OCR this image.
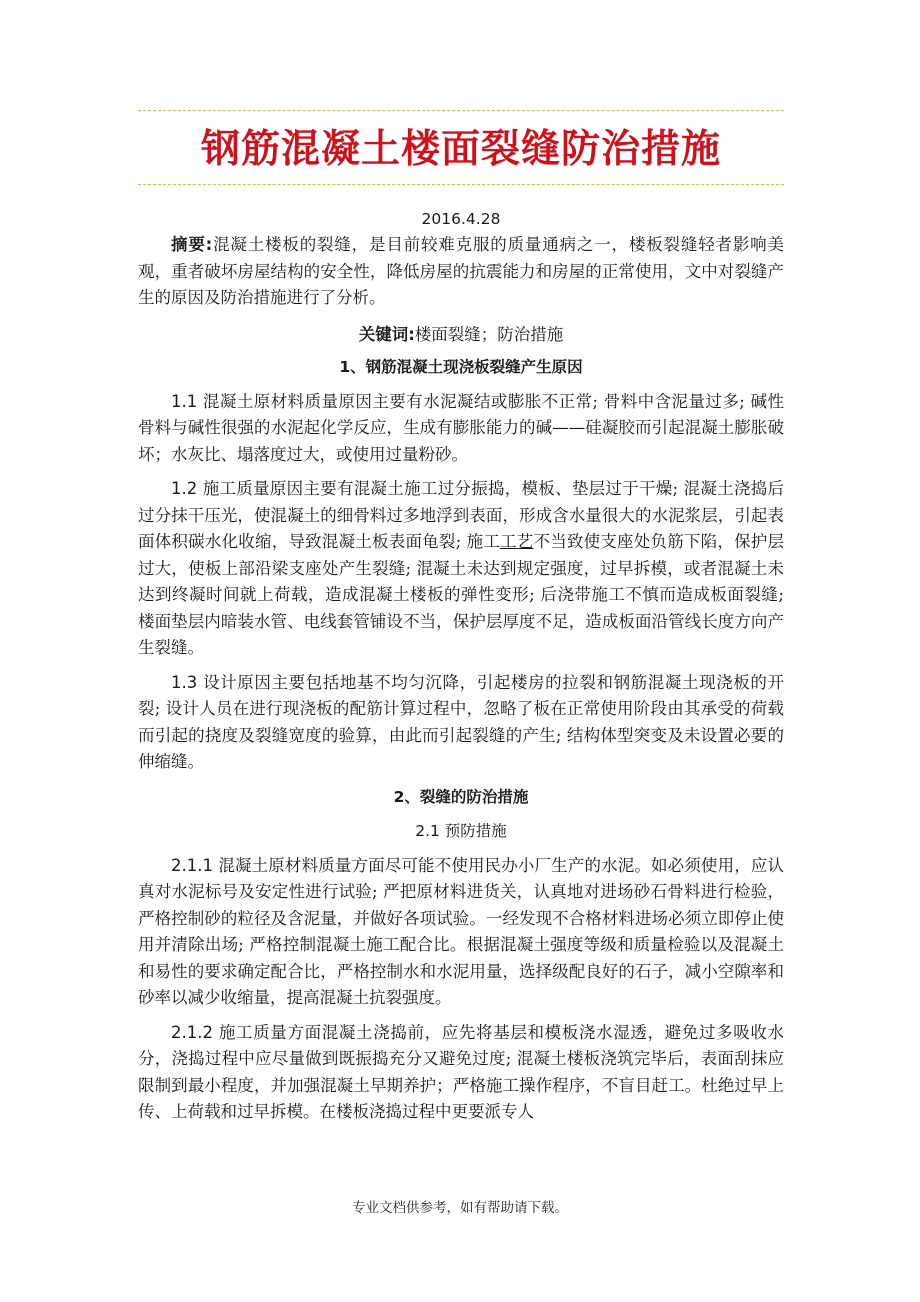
钢筋混凝土楼面裂缝防治措施

2016.4.28

摘要:混凝土楼板的裂缝，是目前较难克服的质量通病之一，楼板裂缝轻者影响美观，重者破坏房屋结构的安全性，降低房屋的抗震能力和房屋的正常使用，文中对裂缝产生的原因及防治措施进行了分析。

关键词:楼面裂缝；防治措施

1、钢筋混凝土现浇板裂缝产生原因

1.1 混凝土原材料质量原因主要有水泥凝结或膨胀不正常; 骨料中含泥量过多; 碱性骨料与碱性很强的水泥起化学反应，生成有膨胀能力的碱——硅凝胶而引起混凝土膨胀破坏；水灰比、塌落度过大，或使用过量粉砂。

1.2 施工质量原因主要有混凝土施工过分振捣，模板、垫层过于干燥; 混凝土浇捣后过分抹干压光，使混凝土的细骨料过多地浮到表面，形成含水量很大的水泥浆层，引起表面体积碳水化收缩，导致混凝土板表面龟裂; 施工工艺不当致使支座处负筋下陷，保护层过大，使板上部沿梁支座处产生裂缝; 混凝土未达到规定强度，过早拆模，或者混凝土未达到终凝时间就上荷载，造成混凝土楼板的弹性变形; 后浇带施工不慎而造成板面裂缝; 楼面垫层内暗装水管、电线套管铺设不当，保护层厚度不足，造成板面沿管线长度方向产生裂缝。

1.3 设计原因主要包括地基不均匀沉降，引起楼房的拉裂和钢筋混凝土现浇板的开裂; 设计人员在进行现浇板的配筋计算过程中，忽略了板在正常使用阶段由其承受的荷载而引起的挠度及裂缝宽度的验算，由此而引起裂缝的产生; 结构体型突变及未设置必要的伸缩缝。

2、裂缝的防治措施

2.1 预防措施

2.1.1 混凝土原材料质量方面尽可能不使用民办小厂生产的水泥。如必须使用，应认真对水泥标号及安定性进行试验; 严把原材料进货关，认真地对进场砂石骨料进行检验，严格控制砂的粒径及含泥量，并做好各项试验。一经发现不合格材料进场必须立即停止使用并清除出场; 严格控制混凝土施工配合比。根据混凝土强度等级和质量检验以及混凝土和易性的要求确定配合比，严格控制水和水泥用量，选择级配良好的石子，减小空隙率和砂率以减少收缩量，提高混凝土抗裂强度。

2.1.2 施工质量方面混凝土浇捣前，应先将基层和模板浇水湿透，避免过多吸收水分，浇捣过程中应尽量做到既振捣充分又避免过度; 混凝土楼板浇筑完毕后，表面刮抹应限制到最小程度，并加强混凝土早期养护；严格施工操作程序，不盲目赶工。杜绝过早上传、上荷载和过早拆模。在楼板浇捣过程中更要派专人

专业文档供参考，如有帮助请下载。
